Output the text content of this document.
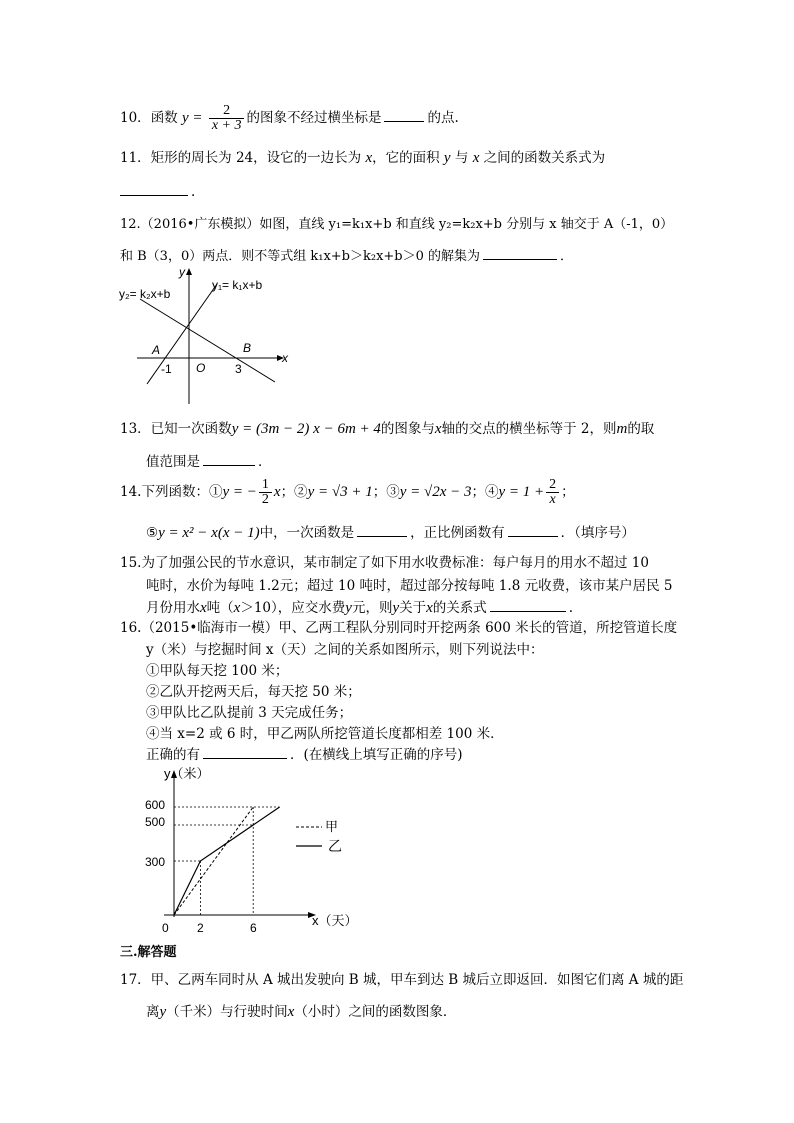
10．函数 $y = \frac{2}{x + 3}$ 的图象不经过横坐标是	的点.
11．矩形的周长为 24，设它的一边长为 x，它的面积 y 与 x 之间的函数关系式为
.
12.（2016•广东模拟）如图，直线 y₁=k₁x+b 和直线 y₂=k₂x+b 分别与 x 轴交于 A（-1，0）
和 B（3，0）两点．则不等式组 k₁x+b＞k₂x+b＞0 的解集为	．
y₁= k₁x+b
y₂= k₂x+b
y
x
A	B
O
-1	3
13．已知一次函数y = (3m − 2) x − 6m + 4的图象与x轴的交点的横坐标等于 2，则m的取
值范围是	．
14.下列函数：①y = − $\frac{1}{2}$ x；②y = √3 + 1；③y = √2x − 3；④y = $1 + \frac{2}{x}$ ；
⑤y = x² − x(x − 1)中，一次函数是	，正比例函数有	．（填序号）
15.为了加强公民的节水意识，某市制定了如下用水收费标准：每户每月的用水不超过 10
吨时，水价为每吨 1.2元；超过 10 吨时，超过部分按每吨 1.8 元收费，该市某户居民 5
月份用水x吨（x＞10），应交水费y元，则y关于x的关系式	.
16.（2015•临海市一模）甲、乙两工程队分别同时开挖两条 600 米长的管道，所挖管道长度
y（米）与挖掘时间 x（天）之间的关系如图所示，则下列说法中：
①甲队每天挖 100 米；
②乙队开挖两天后，每天挖 50 米；
③甲队比乙队提前 3 天完成任务；
④当 x=2 或 6 时，甲乙两队所挖管道长度都相差 100 米．
正确的有	．(在横线上填写正确的序号)
y（米）
x（天）
600
500
300
0 2	6
甲
乙
三.解答题
17．甲、乙两车同时从 A 城出发驶向 B 城，甲车到达 B 城后立即返回．如图它们离 A 城的距
离y（千米）与行驶时间x（小时）之间的函数图象．
